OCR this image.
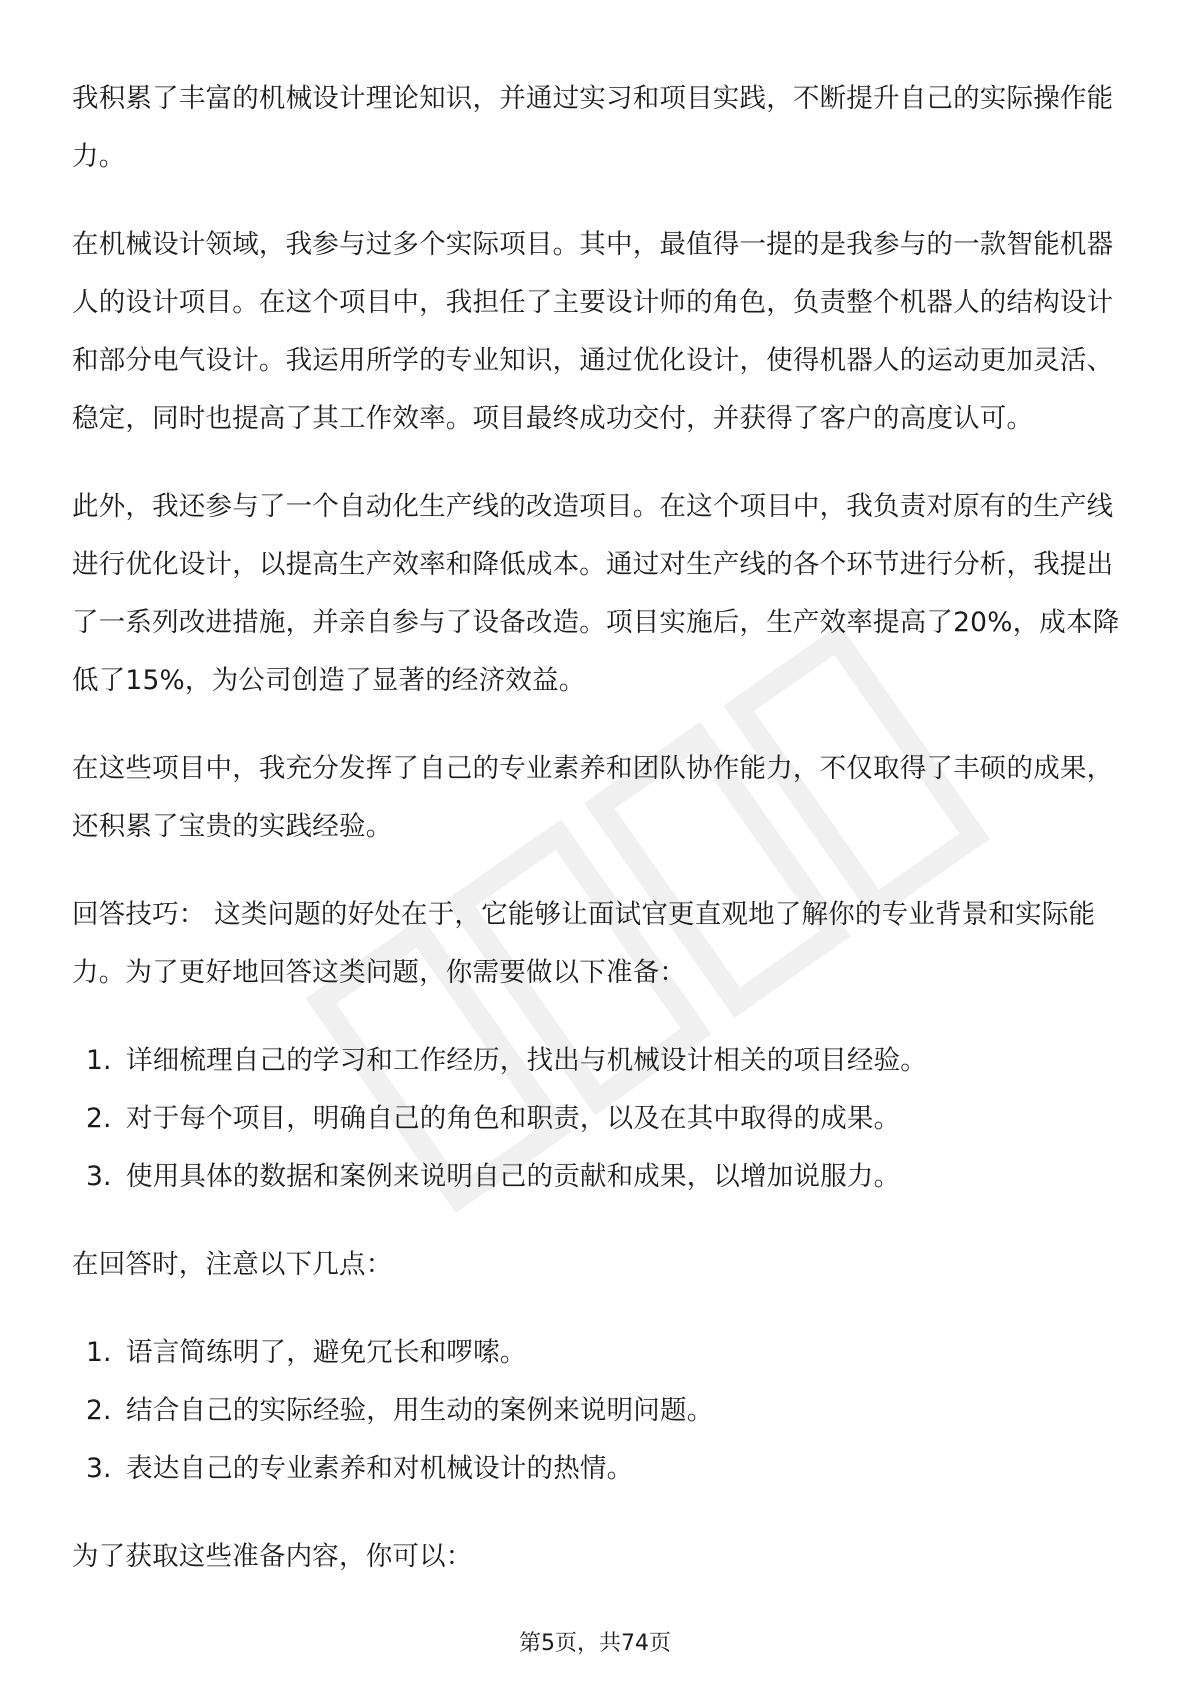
我积累了丰富的机械设计理论知识，并通过实习和项目实践，不断提升自己的实际操作能力。

在机械设计领域，我参与过多个实际项目。其中，最值得一提的是我参与的一款智能机器人的设计项目。在这个项目中，我担任了主要设计师的角色，负责整个机器人的结构设计和部分电气设计。我运用所学的专业知识，通过优化设计，使得机器人的运动更加灵活、稳定，同时也提高了其工作效率。项目最终成功交付，并获得了客户的高度认可。

此外，我还参与了一个自动化生产线的改造项目。在这个项目中，我负责对原有的生产线进行优化设计，以提高生产效率和降低成本。通过对生产线的各个环节进行分析，我提出了一系列改进措施，并亲自参与了设备改造。项目实施后，生产效率提高了20%，成本降低了15%，为公司创造了显著的经济效益。

在这些项目中，我充分发挥了自己的专业素养和团队协作能力，不仅取得了丰硕的成果，还积累了宝贵的实践经验。

回答技巧： 这类问题的好处在于，它能够让面试官更直观地了解你的专业背景和实际能力。为了更好地回答这类问题，你需要做以下准备：

1. 详细梳理自己的学习和工作经历，找出与机械设计相关的项目经验。
2. 对于每个项目，明确自己的角色和职责，以及在其中取得的成果。
3. 使用具体的数据和案例来说明自己的贡献和成果，以增加说服力。

在回答时，注意以下几点：

1. 语言简练明了，避免冗长和啰嗦。
2. 结合自己的实际经验，用生动的案例来说明问题。
3. 表达自己的专业素养和对机械设计的热情。

为了获取这些准备内容，你可以：

第5页，共74页
